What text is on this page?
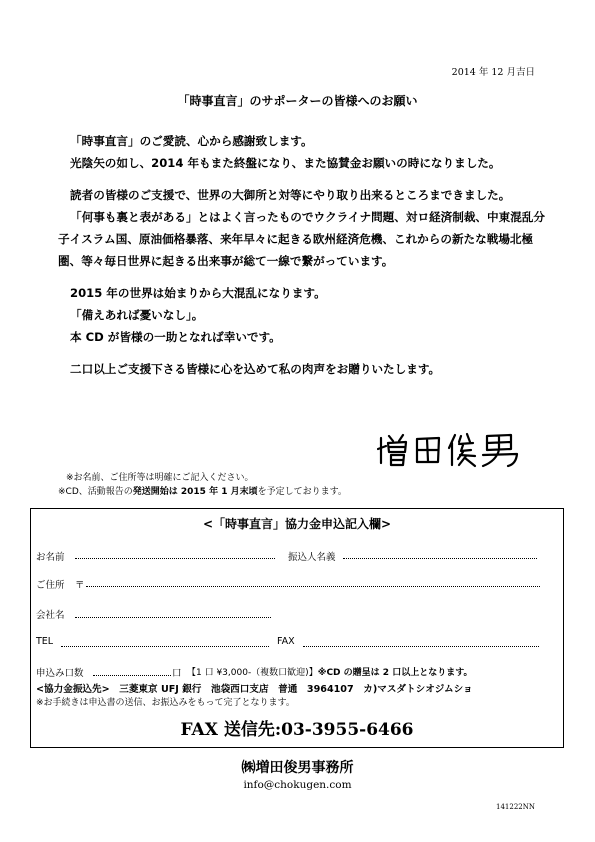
2014 年 12 月吉日
「時事直言」のサポーターの皆様へのお願い

「時事直言」のご愛読、心から感謝致します。

光陰矢の如し、2014 年もまた終盤になり、また協賛金お願いの時になりました。

読者の皆様のご支援で、世界の大御所と対等にやり取り出来るところまできました。

「何事も裏と表がある」とはよく言ったものでウクライナ問題、対ロ経済制裁、中東混乱分子イスラム国、原油価格暴落、来年早々に起きる欧州経済危機、これからの新たな戦場北極圏、等々毎日世界に起きる出来事が総て一線で繋がっています。

2015 年の世界は始まりから大混乱になります。

「備えあれば憂いなし」。

本 CD が皆様の一助となれば幸いです。

二口以上ご支援下さる皆様に心を込めて私の肉声をお贈りいたします。

※お名前、ご住所等は明確にご記入ください。
※CD、活動報告の発送開始は 2015 年 1 月末頃を予定しております。
<「時事直言」協力金申込記入欄>
お名前	振込人名義
ご住所 〒
会社名
TEL	FAX
申込み口数	口 【1 口 ¥3,000-（複数口歓迎)】※CD の贈呈は 2 口以上となります。
<協力金振込先>　三菱東京 UFJ 銀行　池袋西口支店　普通　3964107　カ)マスダトシオジムショ
※お手続きは申込書の送信、お振込みをもって完了となります。
FAX 送信先:03-3955-6466
㈱増田俊男事務所
info@chokugen.com
141222NN
